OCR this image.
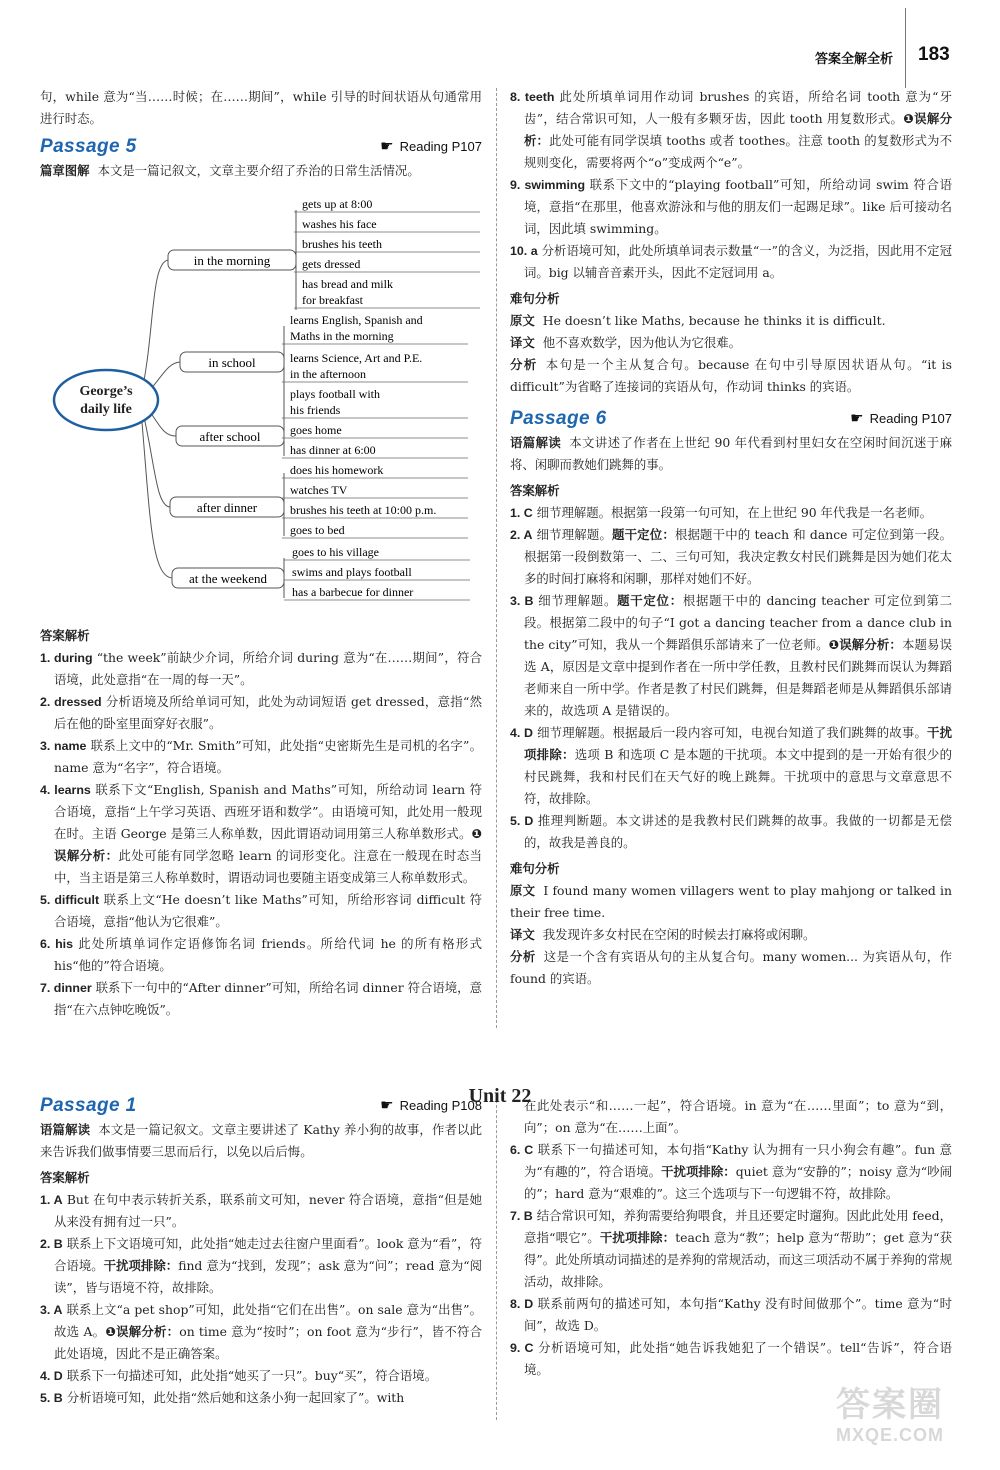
答案全解全析 183

句，while 意为“当……时候；在……期间”，while 引导的时间状语从句通常用进行时态。

Passage 5	☛ Reading P107

篇章图解 本文是一篇记叙文，文章主要介绍了乔治的日常生活情况。

George’s
daily life
in the morning
gets up at 8:00
washes his face
brushes his teeth
gets dressed
has bread and milk
for breakfast
in school
learns English, Spanish and
Maths in the morning
learns Science, Art and P.E.
in the afternoon
after school
plays football with
his friends
goes home
has dinner at 6:00
after dinner
does his homework
watches TV
brushes his teeth at 10:00 p.m.
goes to bed
at the weekend
goes to his village
swims and plays football
has a barbecue for dinner

答案解析

1. during “the week”前缺少介词，所给介词 during 意为“在……期间”，符合语境，此处意指“在一周的每一天”。

2. dressed 分析语境及所给单词可知，此处为动词短语 get dressed，意指“然后在他的卧室里面穿好衣服”。

3. name 联系上文中的“Mr. Smith”可知，此处指“史密斯先生是司机的名字”。name 意为“名字”，符合语境。

4. learns 联系下文“English, Spanish and Maths”可知，所给动词 learn 符合语境，意指“上午学习英语、西班牙语和数学”。由语境可知，此处用一般现在时。主语 George 是第三人称单数，因此谓语动词用第三人称单数形式。❶误解分析：此处可能有同学忽略 learn 的词形变化。注意在一般现在时态当中，当主语是第三人称单数时，谓语动词也要随主语变成第三人称单数形式。

5. difficult 联系上文“He doesn’t like Maths”可知，所给形容词 difficult 符合语境，意指“他认为它很难”。

6. his 此处所填单词作定语修饰名词 friends。所给代词 he 的所有格形式 his“他的”符合语境。

7. dinner 联系下一句中的“After dinner”可知，所给名词 dinner 符合语境，意指“在六点钟吃晚饭”。

8. teeth 此处所填单词用作动词 brushes 的宾语，所给名词 tooth 意为“牙齿”，结合常识可知，人一般有多颗牙齿，因此 tooth 用复数形式。❶误解分析：此处可能有同学误填 tooths 或者 toothes。注意 tooth 的复数形式为不规则变化，需要将两个“o”变成两个“e”。

9. swimming 联系下文中的“playing football”可知，所给动词 swim 符合语境，意指“在那里，他喜欢游泳和与他的朋友们一起踢足球”。like 后可接动名词，因此填 swimming。

10. a 分析语境可知，此处所填单词表示数量“一”的含义，为泛指，因此用不定冠词。big 以辅音音素开头，因此不定冠词用 a。

难句分析

原文 He doesn’t like Maths, because he thinks it is difficult.

译文 他不喜欢数学，因为他认为它很难。

分析 本句是一个主从复合句。because 在句中引导原因状语从句。“it is difficult”为省略了连接词的宾语从句，作动词 thinks 的宾语。

Passage 6	☛ Reading P107

语篇解读 本文讲述了作者在上世纪 90 年代看到村里妇女在空闲时间沉迷于麻将、闲聊而教她们跳舞的事。

答案解析

1. C 细节理解题。根据第一段第一句可知，在上世纪 90 年代我是一名老师。

2. A 细节理解题。题干定位：根据题干中的 teach 和 dance 可定位到第一段。根据第一段倒数第一、二、三句可知，我决定教女村民们跳舞是因为她们花太多的时间打麻将和闲聊，那样对她们不好。

3. B 细节理解题。题干定位：根据题干中的 dancing teacher 可定位到第二段。根据第二段中的句子“I got a dancing teacher from a dance club in the city”可知，我从一个舞蹈俱乐部请来了一位老师。❶误解分析：本题易误选 A，原因是文章中提到作者在一所中学任教，且教村民们跳舞而误认为舞蹈老师来自一所中学。作者是教了村民们跳舞，但是舞蹈老师是从舞蹈俱乐部请来的，故选项 A 是错误的。

4. D 细节理解题。根据最后一段内容可知，电视台知道了我们跳舞的故事。干扰项排除：选项 B 和选项 C 是本题的干扰项。本文中提到的是一开始有很少的村民跳舞，我和村民们在天气好的晚上跳舞。干扰项中的意思与文章意思不符，故排除。

5. D 推理判断题。本文讲述的是我教村民们跳舞的故事。我做的一切都是无偿的，故我是善良的。

难句分析

原文 I found many women villagers went to play mahjong or talked in their free time.

译文 我发现许多女村民在空闲的时候去打麻将或闲聊。

分析 这是一个含有宾语从句的主从复合句。many women... 为宾语从句，作 found 的宾语。

Unit 22
Passage 1	☛ Reading P108

语篇解读 本文是一篇记叙文。文章主要讲述了 Kathy 养小狗的故事，作者以此来告诉我们做事情要三思而后行，以免以后后悔。

答案解析

1. A But 在句中表示转折关系，联系前文可知，never 符合语境，意指“但是她从来没有拥有过一只”。

2. B 联系上下文语境可知，此处指“她走过去往窗户里面看”。look 意为“看”，符合语境。干扰项排除：find 意为“找到，发现”；ask 意为“问”；read 意为“阅读”，皆与语境不符，故排除。

3. A 联系上文“a pet shop”可知，此处指“它们在出售”。on sale 意为“出售”。故选 A。❶误解分析：on time 意为“按时”；on foot 意为“步行”，皆不符合此处语境，因此不是正确答案。

4. D 联系下一句描述可知，此处指“她买了一只”。buy“买”，符合语境。

5. B 分析语境可知，此处指“然后她和这条小狗一起回家了”。with

在此处表示“和……一起”，符合语境。in 意为“在……里面”；to 意为“到，向”；on 意为“在……上面”。

6. C 联系下一句描述可知，本句指“Kathy 认为拥有一只小狗会有趣”。fun 意为“有趣的”，符合语境。干扰项排除：quiet 意为“安静的”；noisy 意为“吵闹的”；hard 意为“艰难的”。这三个选项与下一句逻辑不符，故排除。

7. B 结合常识可知，养狗需要给狗喂食，并且还要定时遛狗。因此此处用 feed，意指“喂它”。干扰项排除：teach 意为“教”；help 意为“帮助”；get 意为“获得”。此处所填动词描述的是养狗的常规活动，而这三项活动不属于养狗的常规活动，故排除。

8. D 联系前两句的描述可知，本句指“Kathy 没有时间做那个”。time 意为“时间”，故选 D。

9. C 分析语境可知，此处指“她告诉我她犯了一个错误”。tell“告诉”，符合语境。

答案圈
MXQE.COM
